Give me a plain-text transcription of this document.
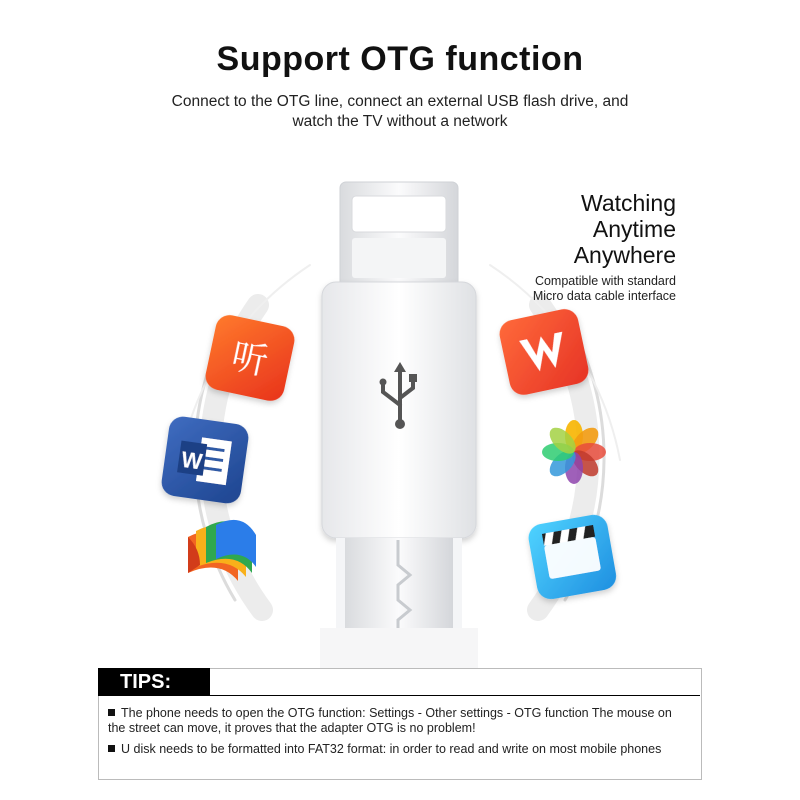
Support OTG function
Connect to the OTG line, connect an external USB flash drive, and watch the TV without a network
听
W
Watching
Anytime
Anywhere
Compatible with standard
Micro data cable interface
TIPS:
The phone needs to open the OTG function: Settings - Other settings - OTG function The mouse on the street can move, it proves that the adapter OTG is no problem!
U disk needs to be formatted into FAT32 format: in order to read and write on most mobile phones
